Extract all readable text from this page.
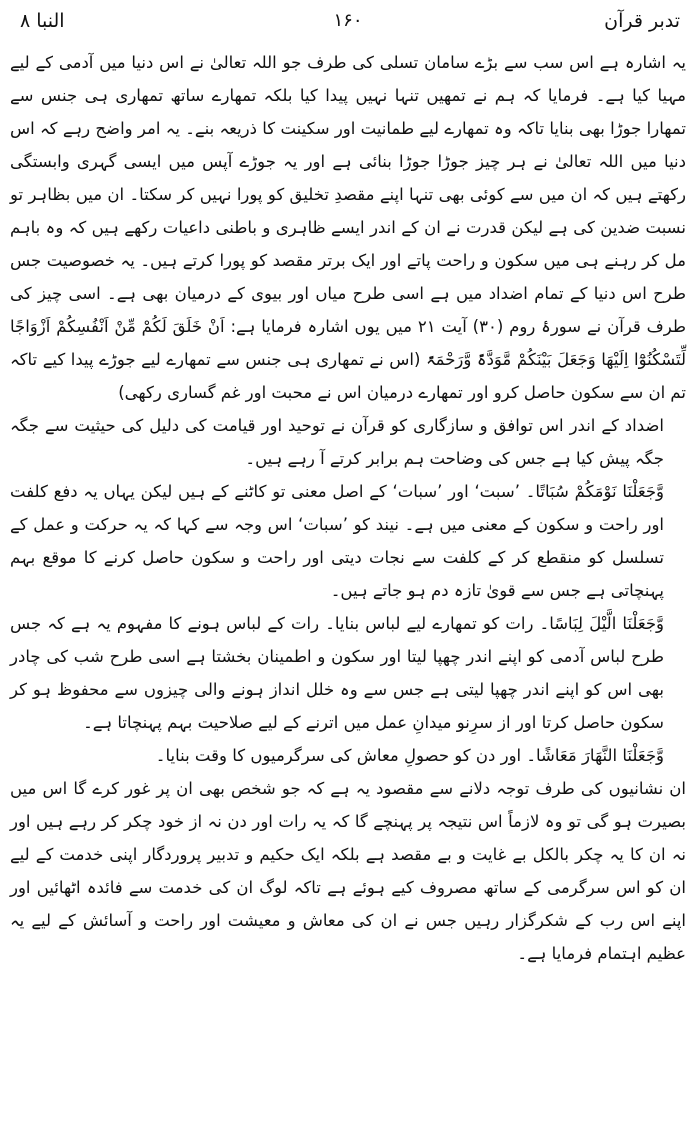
النبا ۸	۱۶۰	تدبر قرآن

یہ اشارہ ہے اس سب سے بڑے سامان تسلی کی طرف جو اللہ تعالیٰ نے اس دنیا میں آدمی کے لیے مہیا کیا ہے۔ فرمایا کہ ہم نے تمھیں تنہا نہیں پیدا کیا بلکہ تمھارے ساتھ تمھاری ہی جنس سے تمھارا جوڑا بھی بنایا تاکہ وہ تمھارے لیے طمانیت اور سکینت کا ذریعہ بنے۔ یہ امر واضح رہے کہ اس دنیا میں اللہ تعالیٰ نے ہر چیز جوڑا جوڑا بنائی ہے اور یہ جوڑے آپس میں ایسی گہری وابستگی رکھتے ہیں کہ ان میں سے کوئی بھی تنہا اپنے مقصدِ تخلیق کو پورا نہیں کر سکتا۔ ان میں بظاہر تو نسبت ضدین کی ہے لیکن قدرت نے ان کے اندر ایسے ظاہری و باطنی داعیات رکھے ہیں کہ وہ باہم مل کر رہنے ہی میں سکون و راحت پاتے اور ایک برتر مقصد کو پورا کرتے ہیں۔ یہ خصوصیت جس طرح اس دنیا کے تمام اضداد میں ہے اسی طرح میاں اور بیوی کے درمیان بھی ہے۔ اسی چیز کی طرف قرآن نے سورۂ روم (۳۰) آیت ۲۱ میں یوں اشارہ فرمایا ہے: اَنْ خَلَقَ لَکُمْ مِّنْ اَنْفُسِکُمْ اَزْوَاجًا لِّتَسْکُنُوْٓا اِلَیْھَا وَجَعَلَ بَیْنَکُمْ مَّوَدَّۃً وَّرَحْمَۃً (اس نے تمھاری ہی جنس سے تمھارے لیے جوڑے پیدا کیے تاکہ تم ان سے سکون حاصل کرو اور تمھارے درمیان اس نے محبت اور غم گساری رکھی)

اضداد کے اندر اس توافق و سازگاری کو قرآن نے توحید اور قیامت کی دلیل کی حیثیت سے جگہ جگہ پیش کیا ہے جس کی وضاحت ہم برابر کرتے آ رہے ہیں۔

وَّجَعَلْنَا نَوْمَکُمْ سُبَاتًا۔ ’سبت‘ اور ’سبات‘ کے اصل معنی تو کاٹنے کے ہیں لیکن یہاں یہ دفع کلفت اور راحت و سکون کے معنی میں ہے۔ نیند کو ’سبات‘ اس وجہ سے کہا کہ یہ حرکت و عمل کے تسلسل کو منقطع کر کے کلفت سے نجات دیتی اور راحت و سکون حاصل کرنے کا موقع بہم پہنچاتی ہے جس سے قویٰ تازہ دم ہو جاتے ہیں۔

وَّجَعَلْنَا الَّیْلَ لِبَاسًا۔ رات کو تمھارے لیے لباس بنایا۔ رات کے لباس ہونے کا مفہوم یہ ہے کہ جس طرح لباس آدمی کو اپنے اندر چھپا لیتا اور سکون و اطمینان بخشتا ہے اسی طرح شب کی چادر بھی اس کو اپنے اندر چھپا لیتی ہے جس سے وہ خلل انداز ہونے والی چیزوں سے محفوظ ہو کر سکون حاصل کرتا اور از سرِنو میدانِ عمل میں اترنے کے لیے صلاحیت بہم پہنچاتا ہے۔

وَّجَعَلْنَا النَّھَارَ مَعَاشًا۔ اور دن کو حصولِ معاش کی سرگرمیوں کا وقت بنایا۔

ان نشانیوں کی طرف توجہ دلانے سے مقصود یہ ہے کہ جو شخص بھی ان پر غور کرے گا اس میں بصیرت ہو گی تو وہ لازماً اس نتیجہ پر پہنچے گا کہ یہ رات اور دن نہ از خود چکر کر رہے ہیں اور نہ ان کا یہ چکر بالکل بے غایت و بے مقصد ہے بلکہ ایک حکیم و تدبیر پروردگار اپنی خدمت کے لیے ان کو اس سرگرمی کے ساتھ مصروف کیے ہوئے ہے تاکہ لوگ ان کی خدمت سے فائدہ اٹھائیں اور اپنے اس رب کے شکرگزار رہیں جس نے ان کی معاش و معیشت اور راحت و آسائش کے لیے یہ عظیم اہتمام فرمایا ہے۔
